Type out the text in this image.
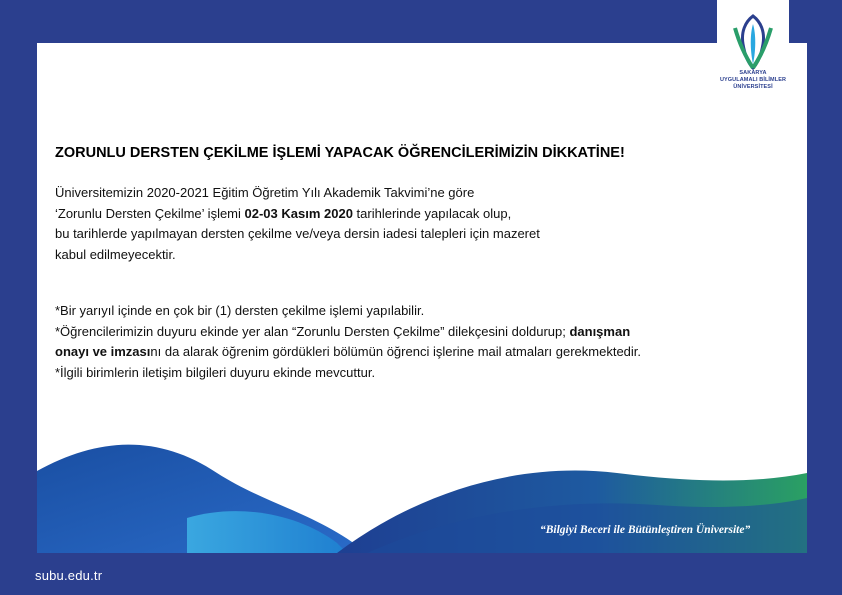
ZORUNLU DERSTEN ÇEKİLME İŞLEMİ YAPACAK ÖĞRENCİLERİMİZİN DİKKATİNE!

Üniversitemizin 2020-2021 Eğitim Öğretim Yılı Akademik Takvimi’ne göre
‘Zorunlu Dersten Çekilme’ işlemi 02-03 Kasım 2020 tarihlerinde yapılacak olup,
bu tarihlerde yapılmayan dersten çekilme ve/veya dersin iadesi talepleri için mazeret
kabul edilmeyecektir.

*Bir yarıyıl içinde en çok bir (1) dersten çekilme işlemi yapılabilir.
*Öğrencilerimizin duyuru ekinde yer alan “Zorunlu Dersten Çekilme” dilekçesini doldurup; danışman
onayı ve imzasını da alarak öğrenim gördükleri bölümün öğrenci işlerine mail atmaları gerekmektedir.
*İlgili birimlerin iletişim bilgileri duyuru ekinde mevcuttur.

“Bilgiyi Beceri ile Bütünleştiren Üniversite”
SAKARYA
UYGULAMALI BİLİMLER
ÜNİVERSİTESİ
subu.edu.tr
